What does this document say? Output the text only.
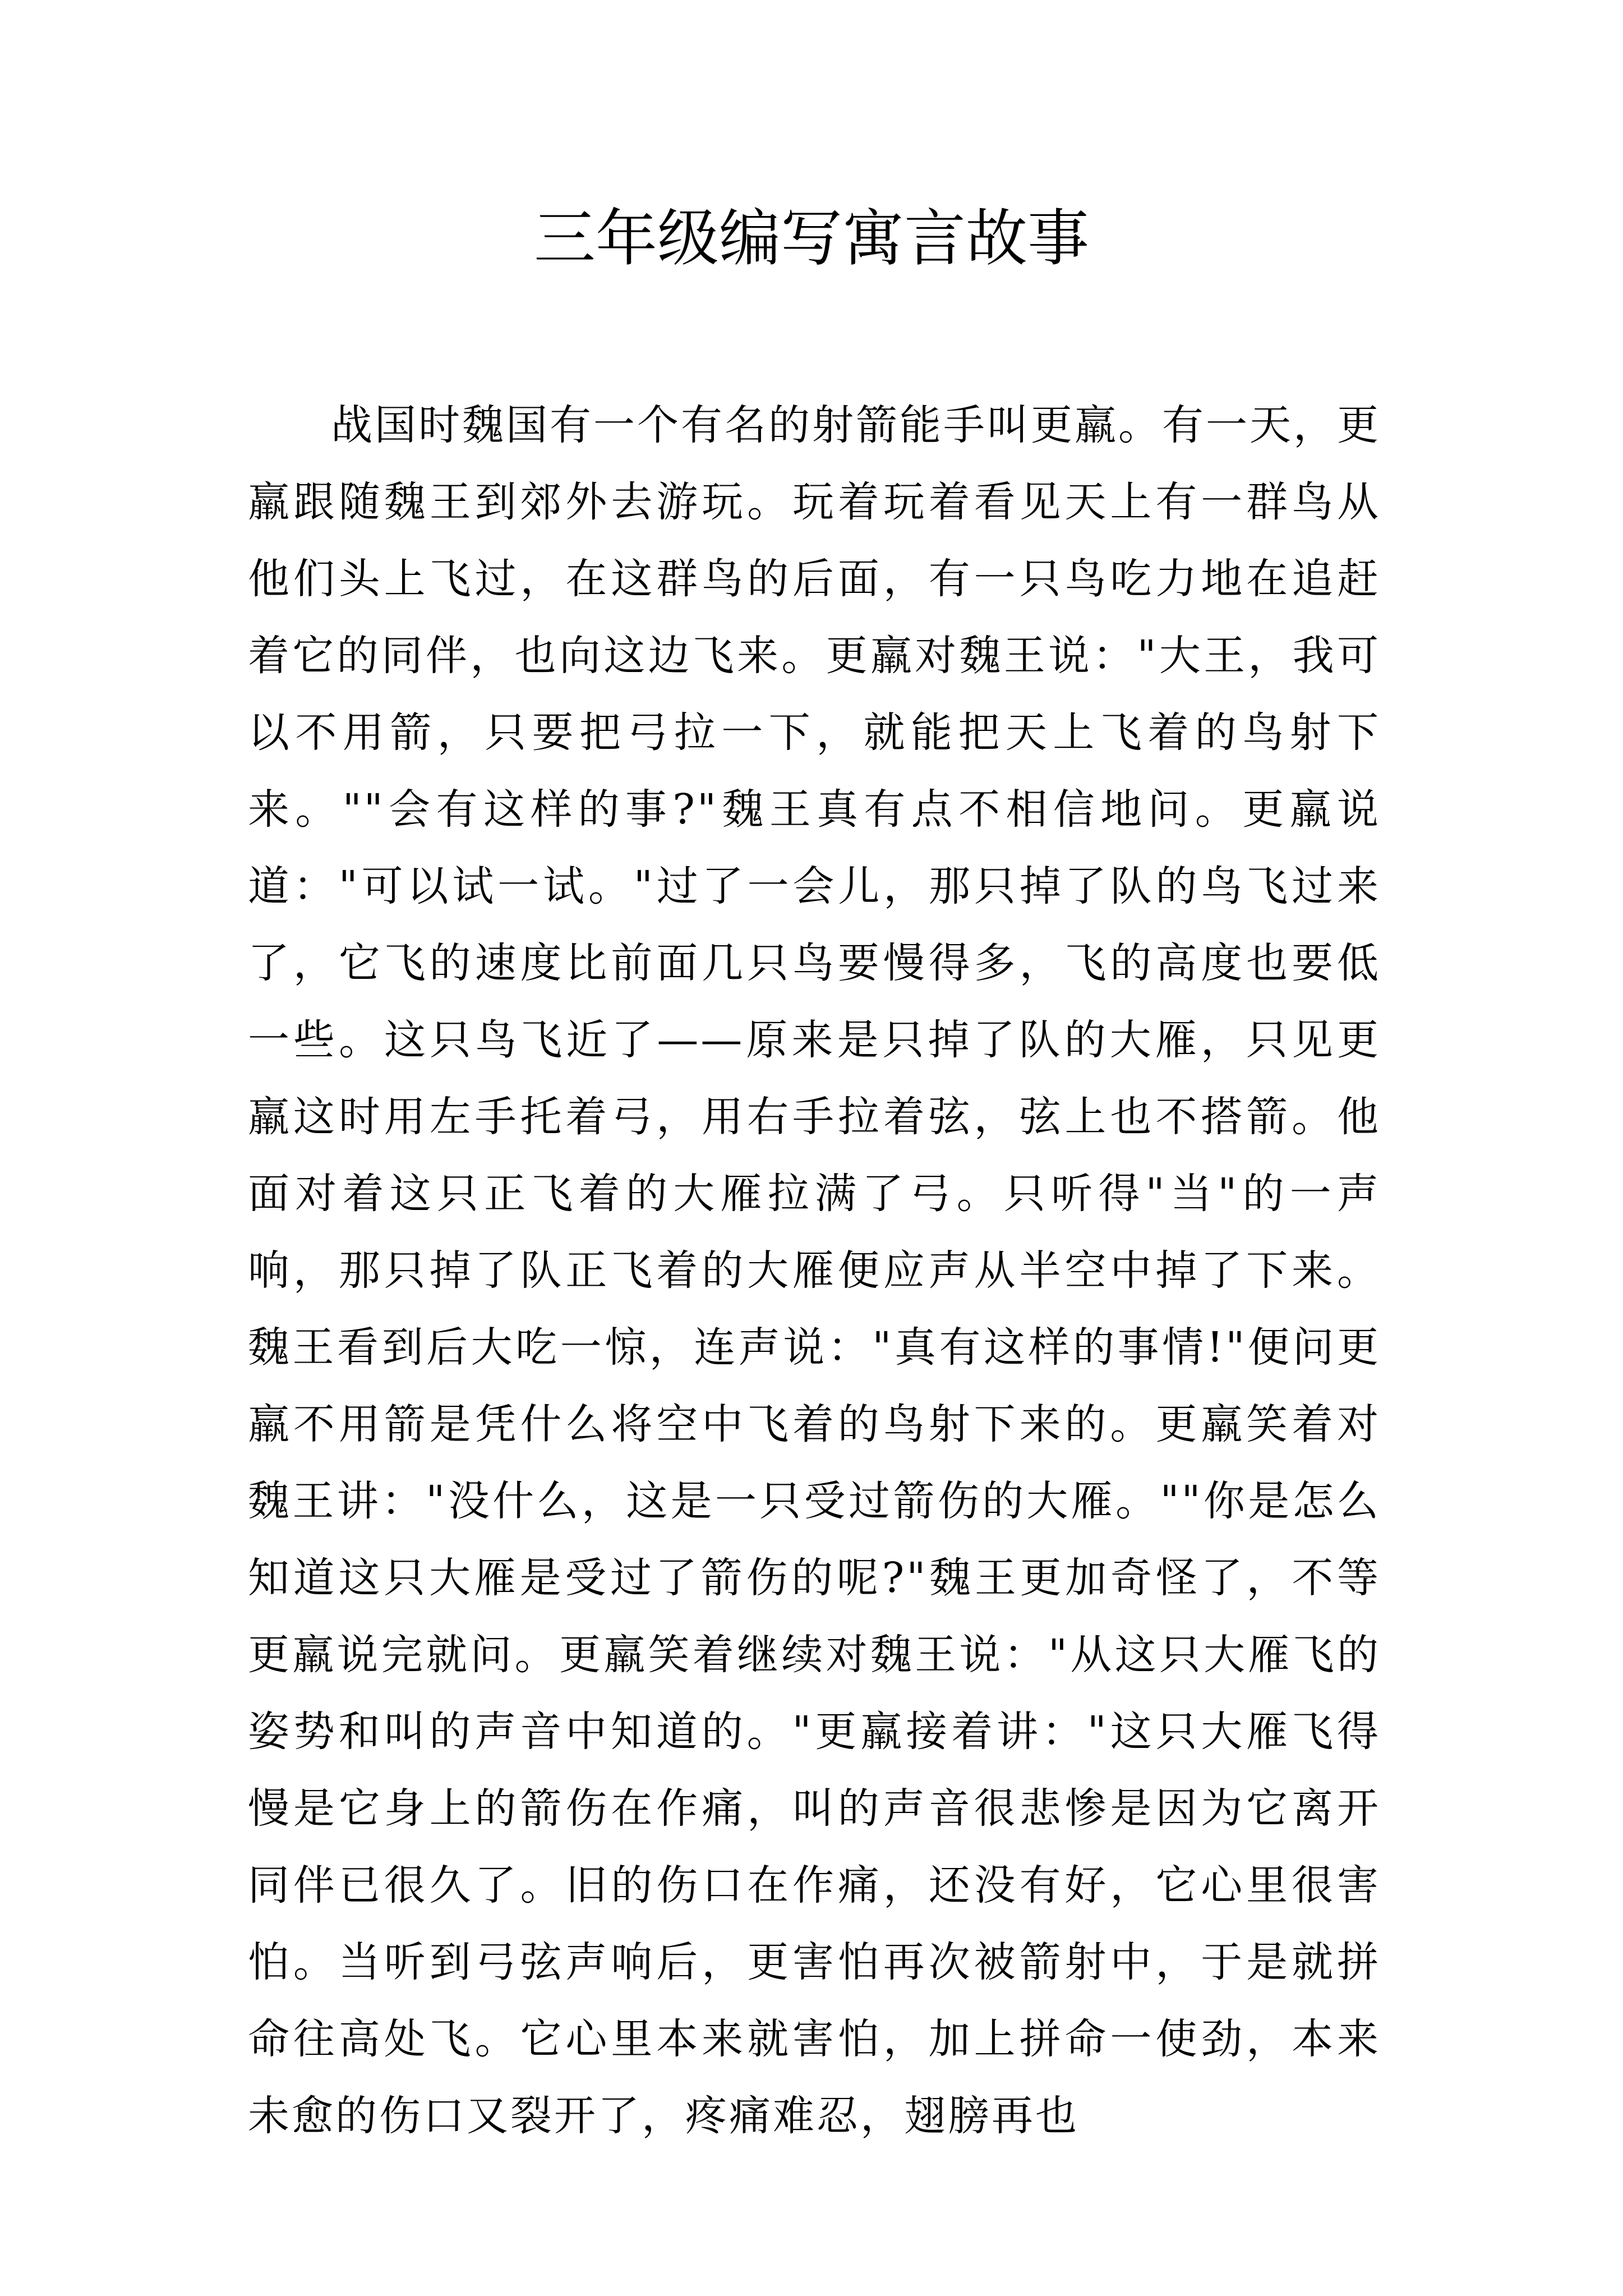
三年级编写寓言故事

战国时魏国有一个有名的射箭能手叫更羸。有一天，更羸跟随魏王到郊外去游玩。玩着玩着看见天上有一群鸟从他们头上飞过，在这群鸟的后面，有一只鸟吃力地在追赶着它的同伴，也向这边飞来。更羸对魏王说："大王，我可以不用箭，只要把弓拉一下，就能把天上飞着的鸟射下来。""会有这样的事?"魏王真有点不相信地问。更羸说道："可以试一试。"过了一会儿，那只掉了队的鸟飞过来了，它飞的速度比前面几只鸟要慢得多，飞的高度也要低一些。这只鸟飞近了——原来是只掉了队的大雁，只见更羸这时用左手托着弓，用右手拉着弦，弦上也不搭箭。他面对着这只正飞着的大雁拉满了弓。只听得"当"的一声响，那只掉了队正飞着的大雁便应声从半空中掉了下来。魏王看到后大吃一惊，连声说："真有这样的事情!"便问更羸不用箭是凭什么将空中飞着的鸟射下来的。更羸笑着对魏王讲："没什么，这是一只受过箭伤的大雁。""你是怎么知道这只大雁是受过了箭伤的呢?"魏王更加奇怪了，不等更羸说完就问。更羸笑着继续对魏王说："从这只大雁飞的姿势和叫的声音中知道的。"更羸接着讲："这只大雁飞得慢是它身上的箭伤在作痛，叫的声音很悲惨是因为它离开同伴已很久了。旧的伤口在作痛，还没有好，它心里很害怕。当听到弓弦声响后，更害怕再次被箭射中，于是就拼命往高处飞。它心里本来就害怕，加上拼命一使劲，本来未愈的伤口又裂开了，疼痛难忍，翅膀再也
